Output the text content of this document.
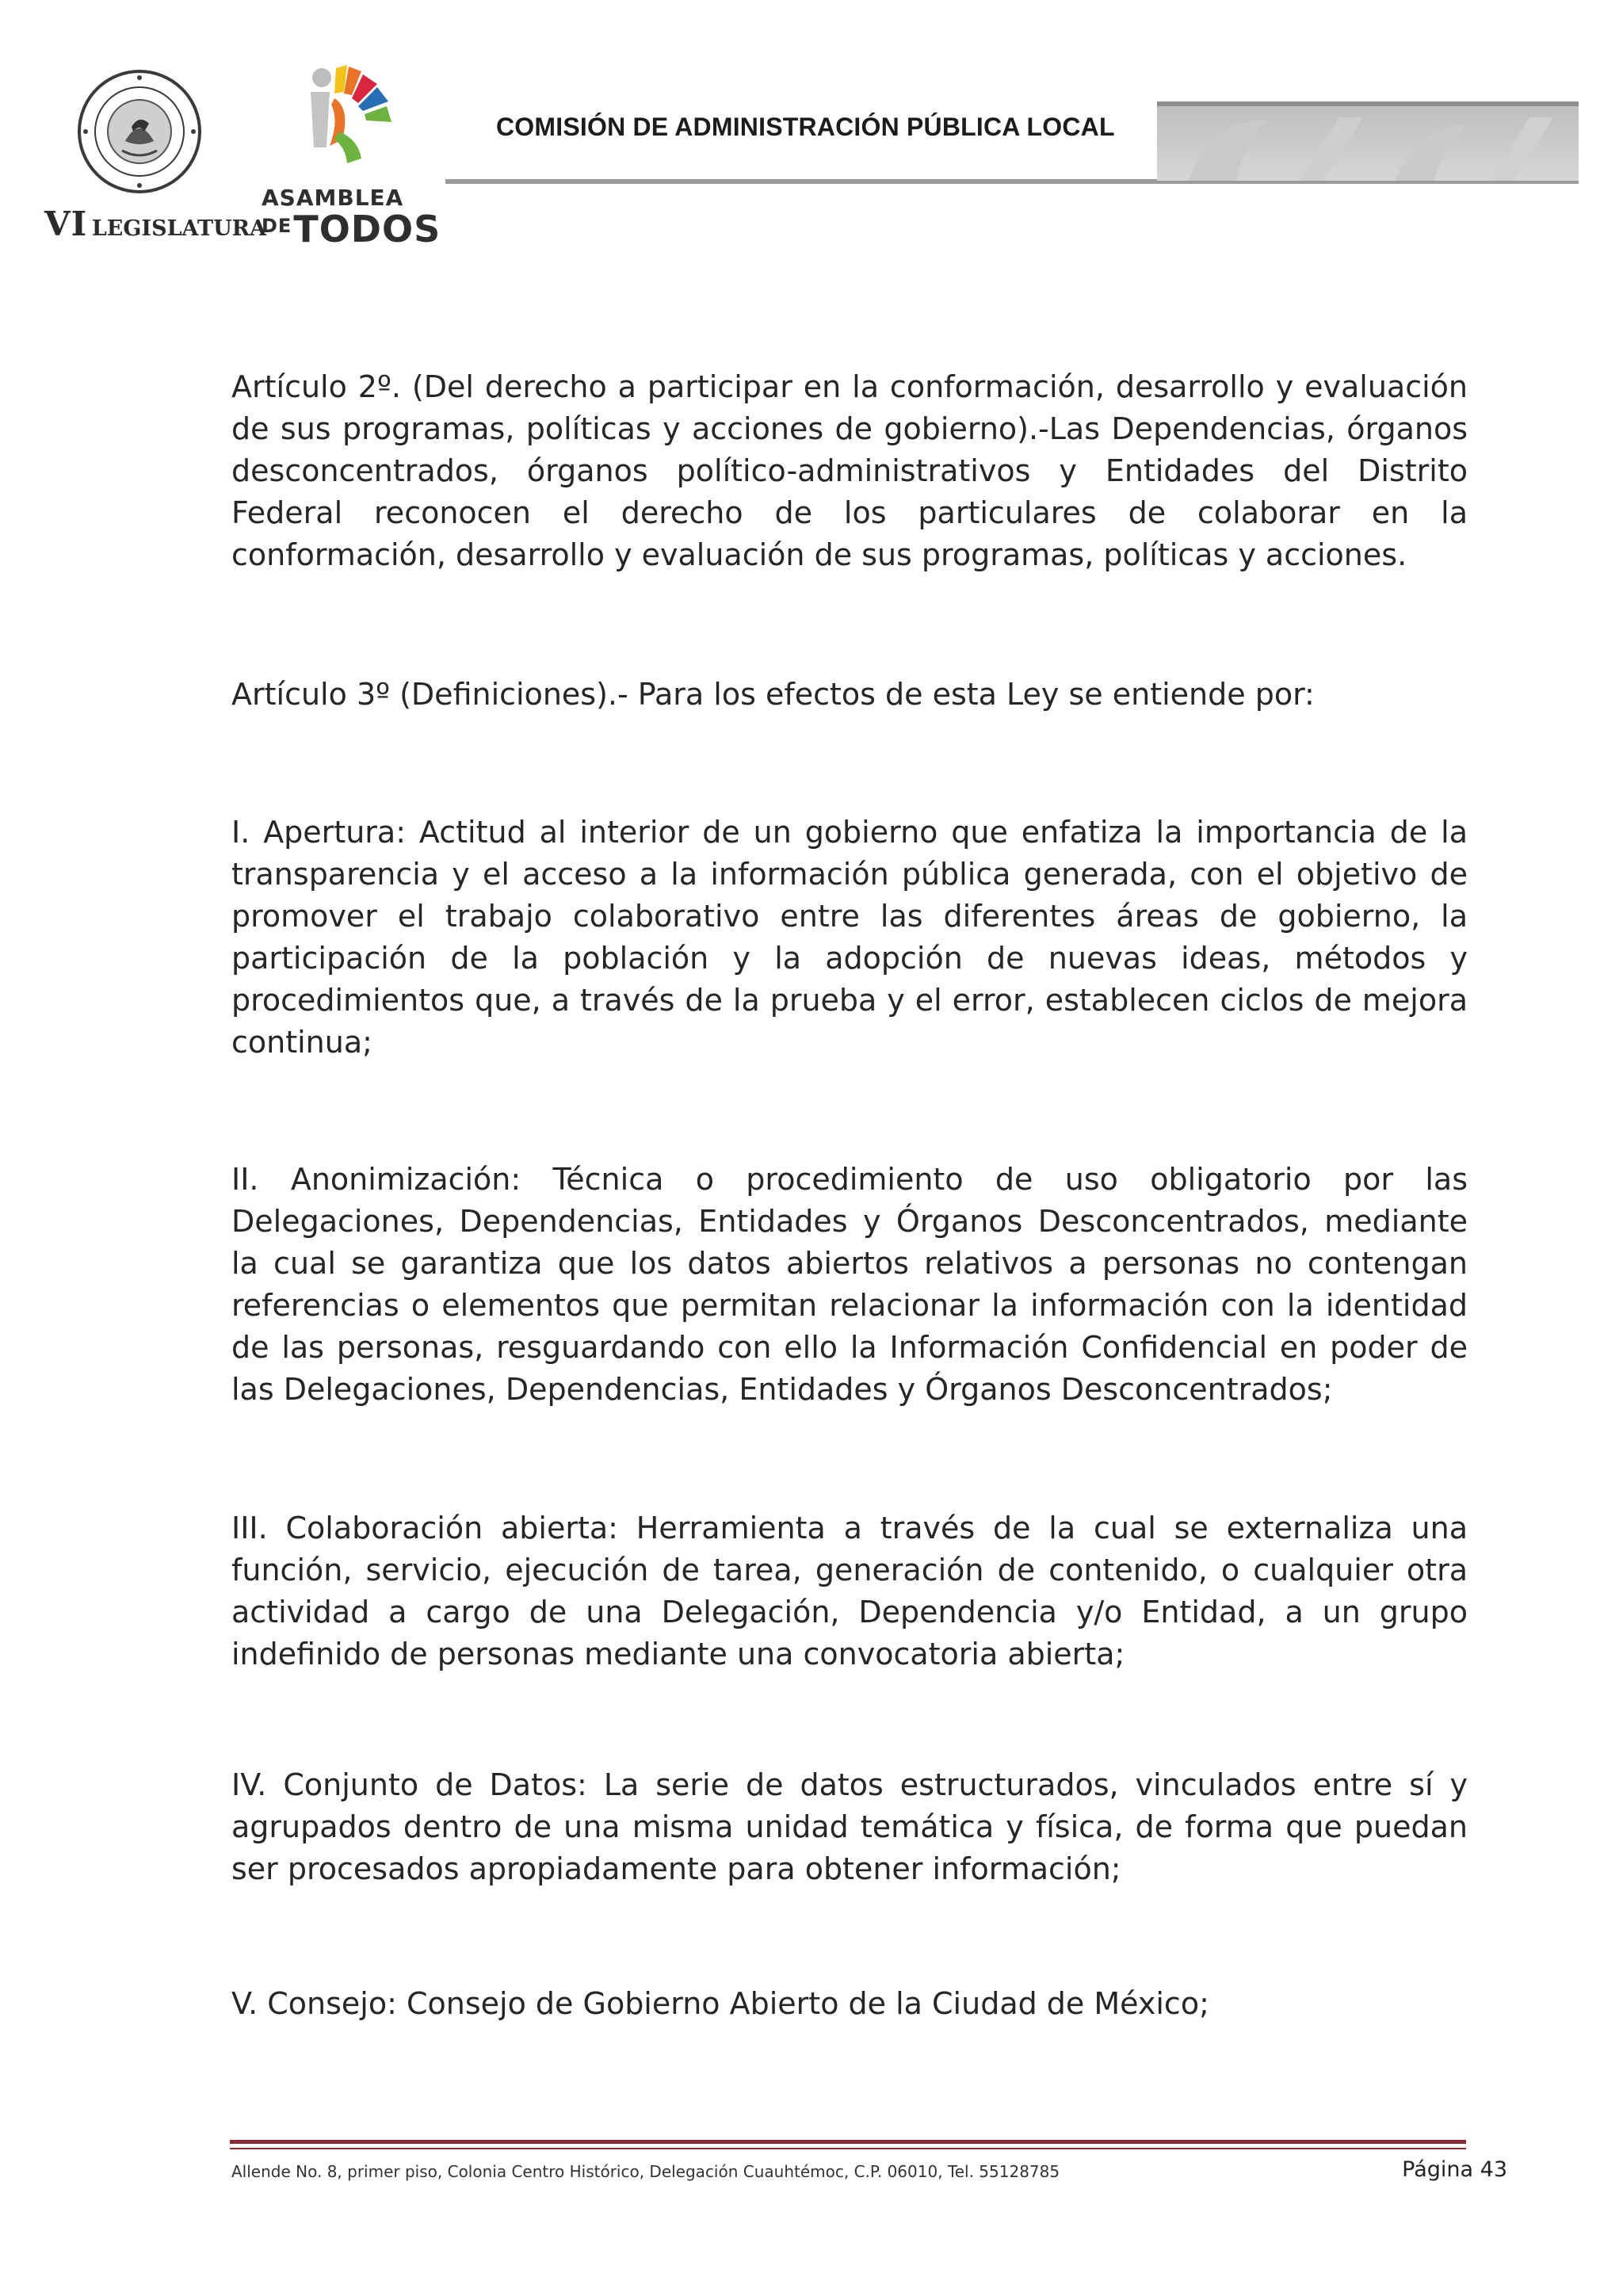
VI LEGISLATURA
ASAMBLEA
$^{DE}$TODOS
COMISIÓN DE ADMINISTRACIÓN PÚBLICA LOCAL

Artículo 2º. (Del derecho a participar en la conformación, desarrollo y evaluación de sus programas, políticas y acciones de gobierno).-Las Dependencias, órganos desconcentrados, órganos político-administrativos y Entidades del Distrito Federal reconocen el derecho de los particulares de colaborar en la conformación, desarrollo y evaluación de sus programas, políticas y acciones.

Artículo 3º (Definiciones).- Para los efectos de esta Ley se entiende por:

I. Apertura: Actitud al interior de un gobierno que enfatiza la importancia de la transparencia y el acceso a la información pública generada, con el objetivo de promover el trabajo colaborativo entre las diferentes áreas de gobierno, la participación de la población y la adopción de nuevas ideas, métodos y procedimientos que, a través de la prueba y el error, establecen ciclos de mejora continua;

II. Anonimización: Técnica o procedimiento de uso obligatorio por las Delegaciones, Dependencias, Entidades y Órganos Desconcentrados, mediante la cual se garantiza que los datos abiertos relativos a personas no contengan referencias o elementos que permitan relacionar la información con la identidad de las personas, resguardando con ello la Información Confidencial en poder de las Delegaciones, Dependencias, Entidades y Órganos Desconcentrados;

III. Colaboración abierta: Herramienta a través de la cual se externaliza una función, servicio, ejecución de tarea, generación de contenido, o cualquier otra actividad a cargo de una Delegación, Dependencia y/o Entidad, a un grupo indefinido de personas mediante una convocatoria abierta;

IV. Conjunto de Datos: La serie de datos estructurados, vinculados entre sí y agrupados dentro de una misma unidad temática y física, de forma que puedan ser procesados apropiadamente para obtener información;

V. Consejo: Consejo de Gobierno Abierto de la Ciudad de México;

Allende No. 8, primer piso, Colonia Centro Histórico, Delegación Cuauhtémoc, C.P. 06010, Tel. 55128785	Página 43
